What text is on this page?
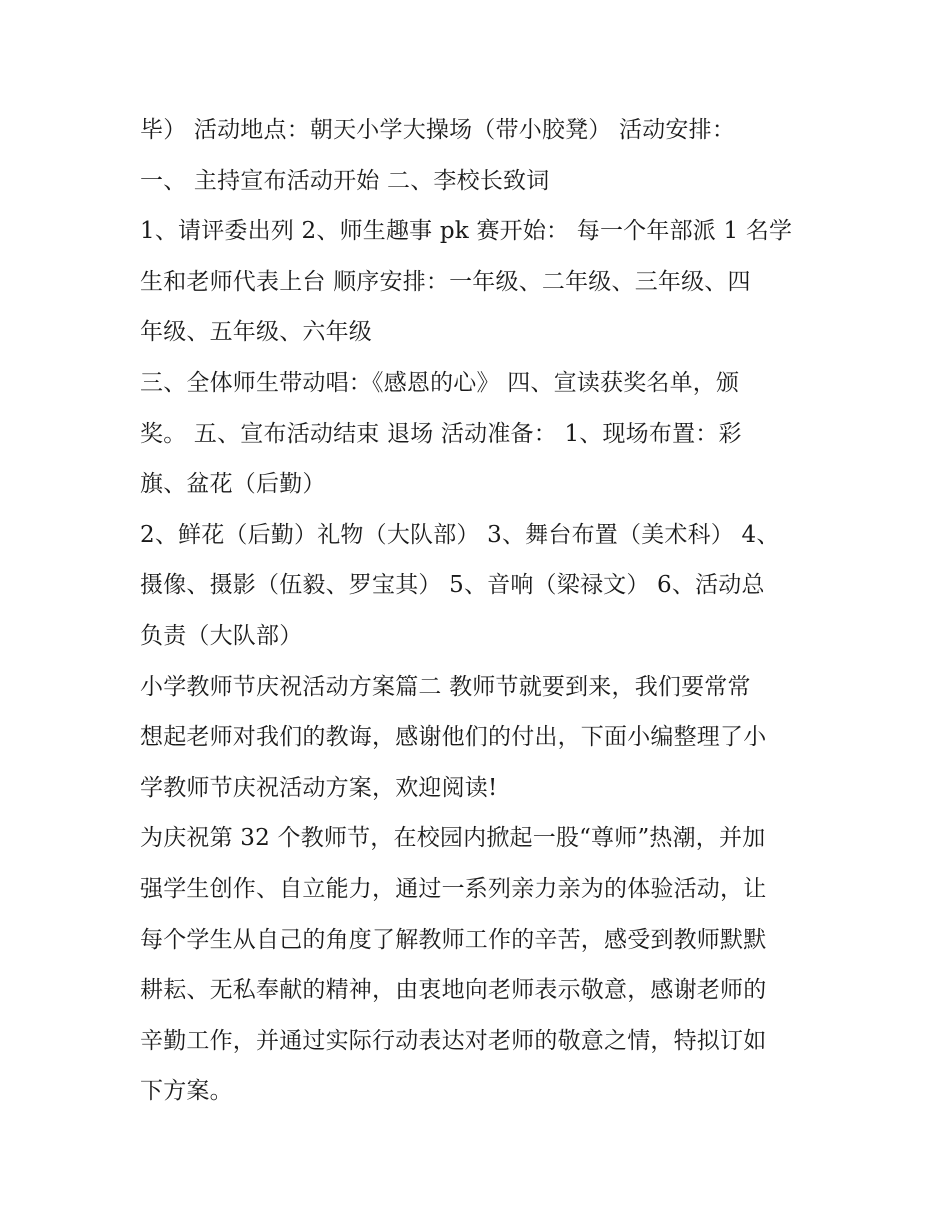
毕） 活动地点：朝天小学大操场（带小胶凳） 活动安排：
一、 主持宣布活动开始 二、李校长致词
1、请评委出列 2、师生趣事 pk 赛开始： 每一个年部派 1 名学
生和老师代表上台 顺序安排：一年级、二年级、三年级、四
年级、五年级、六年级
三、全体师生带动唱：《感恩的心》 四、宣读获奖名单，颁
奖。 五、宣布活动结束 退场 活动准备： 1、现场布置：彩
旗、盆花（后勤）
2、鲜花（后勤）礼物（大队部） 3、舞台布置（美术科） 4、
摄像、摄影（伍毅、罗宝其） 5、音响（梁禄文） 6、活动总
负责（大队部）
小学教师节庆祝活动方案篇二 教师节就要到来，我们要常常
想起老师对我们的教诲，感谢他们的付出，下面小编整理了小
学教师节庆祝活动方案，欢迎阅读!
为庆祝第 32 个教师节，在校园内掀起一股“尊师”热潮，并加
强学生创作、自立能力，通过一系列亲力亲为的体验活动，让
每个学生从自己的角度了解教师工作的辛苦，感受到教师默默
耕耘、无私奉献的精神，由衷地向老师表示敬意，感谢老师的
辛勤工作，并通过实际行动表达对老师的敬意之情，特拟订如
下方案。
